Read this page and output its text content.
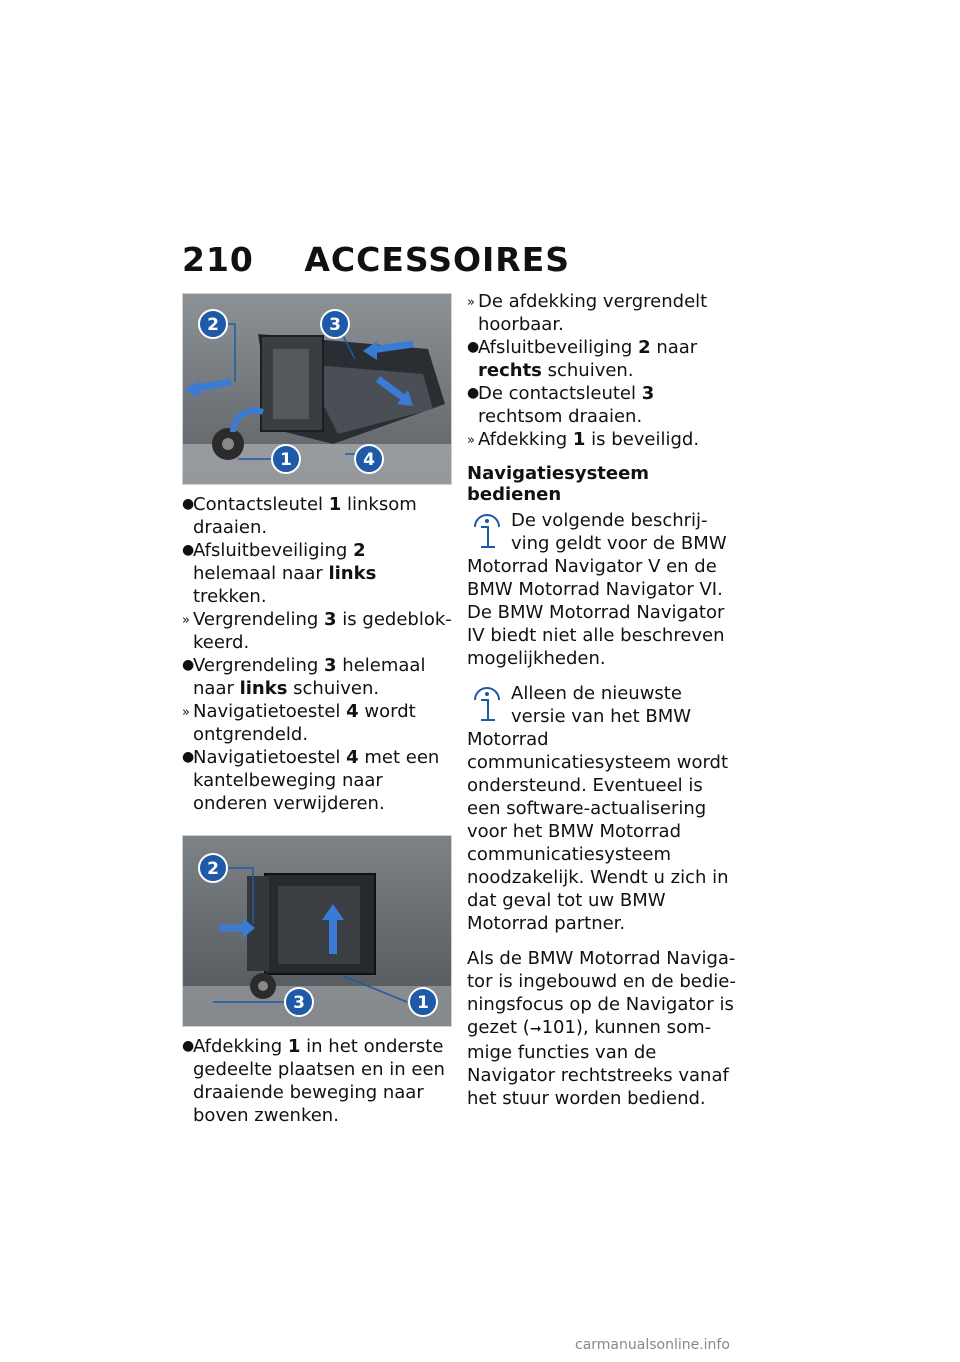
210 ACCESSOIRES
2	3
1	4
●
Contactsleutel 1 linksom draaien.
●
Afsluitbeveiliging 2 helemaal naar links trekken.
» Vergrendeling 3 is gedeblokkeerd.
●
Vergrendeling 3 helemaal naar links schuiven.
» Navigatietoestel 4 wordt ontgrendeld.
●
Navigatietoestel 4 met een kantelbeweging naar onderen verwijderen.
2
1
3
●
Afdekking 1 in het onderste gedeelte plaatsen en in een draaiende beweging naar boven zwenken.
» De afdekking vergrendelt hoorbaar.
●
Afsluitbeveiliging 2 naar rechts schuiven.
●
De contactsleutel 3 rechtsom draaien.
» Afdekking 1 is beveiligd.
Navigatiesysteem bedienen
De volgende beschrijving geldt voor de BMW Motorrad Navigator V en de BMW Motorrad Navigator VI. De BMW Motorrad Navigator IV biedt niet alle beschreven mogelijkheden.
Alleen de nieuwste versie van het BMW Motorrad communicatiesysteem wordt ondersteund. Eventueel is een software-actualisering voor het BMW Motorrad communicatiesysteem noodzakelijk. Wendt u zich in dat geval tot uw BMW Motorrad partner.

Als de BMW Motorrad Navigator is ingebouwd en de bedieningsfocus op de Navigator is gezet (➞101), kunnen sommige functies van de Navigator rechtstreeks vanaf het stuur worden bediend.

carmanualsonline.info
